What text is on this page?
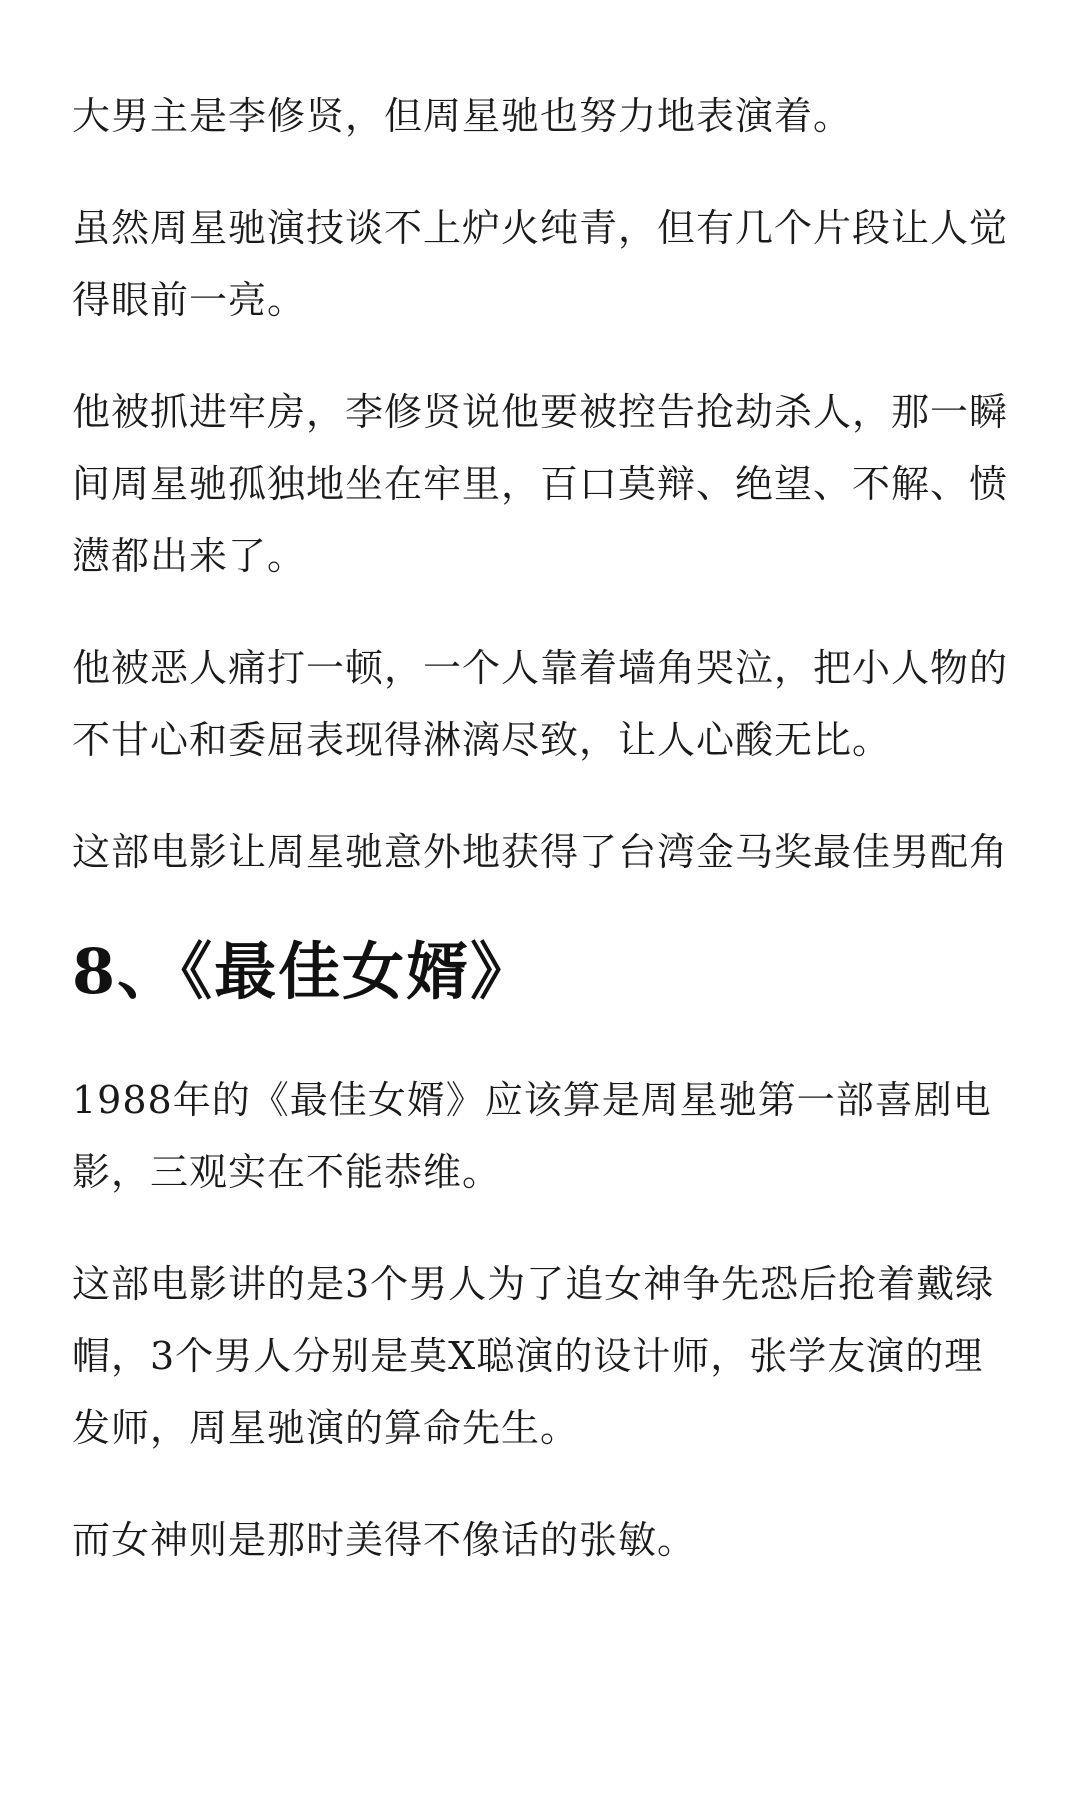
大男主是李修贤，但周星驰也努力地表演着。

虽然周星驰演技谈不上炉火纯青，但有几个片段让人觉得眼前一亮。

他被抓进牢房，李修贤说他要被控告抢劫杀人，那一瞬间周星驰孤独地坐在牢里，百口莫辩、绝望、不解、愤懑都出来了。

他被恶人痛打一顿，一个人靠着墙角哭泣，把小人物的不甘心和委屈表现得淋漓尽致，让人心酸无比。

这部电影让周星驰意外地获得了台湾金马奖最佳男配角

8、《最佳女婿》

1988年的《最佳女婿》应该算是周星驰第一部喜剧电影，三观实在不能恭维。

这部电影讲的是3个男人为了追女神争先恐后抢着戴绿帽，3个男人分别是莫X聪演的设计师，张学友演的理发师，周星驰演的算命先生。

而女神则是那时美得不像话的张敏。
